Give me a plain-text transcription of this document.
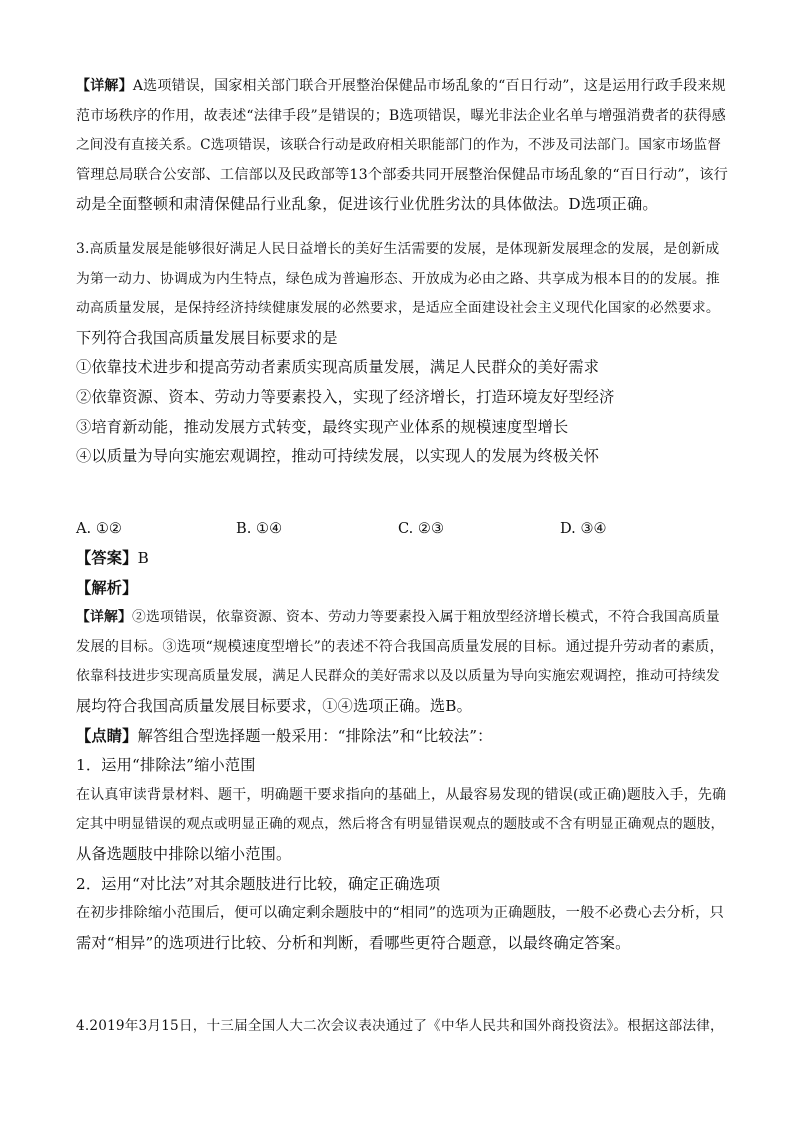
【详解】A选项错误，国家相关部门联合开展整治保健品市场乱象的“百日行动”，这是运用行政手段来规
范市场秩序的作用，故表述“法律手段”是错误的；B选项错误，曝光非法企业名单与增强消费者的获得感
之间没有直接关系。C选项错误，该联合行动是政府相关职能部门的作为，不涉及司法部门。国家市场监督
管理总局联合公安部、工信部以及民政部等13个部委共同开展整治保健品市场乱象的“百日行动”，该行
动是全面整顿和肃清保健品行业乱象，促进该行业优胜劣汰的具体做法。D选项正确。
3.高质量发展是能够很好满足人民日益增长的美好生活需要的发展，是体现新发展理念的发展，是创新成
为第一动力、协调成为内生特点，绿色成为普遍形态、开放成为必由之路、共享成为根本目的的发展。推
动高质量发展，是保持经济持续健康发展的必然要求，是适应全面建设社会主义现代化国家的必然要求。
下列符合我国高质量发展目标要求的是
①依靠技术进步和提高劳动者素质实现高质量发展，满足人民群众的美好需求
②依靠资源、资本、劳动力等要素投入，实现了经济增长，打造环境友好型经济
③培育新动能，推动发展方式转变，最终实现产业体系的规模速度型增长
④以质量为导向实施宏观调控，推动可持续发展，以实现人的发展为终极关怀
A. ①②	B. ①④	C. ②③	D. ③④
【答案】B
【解析】
【详解】②选项错误，依靠资源、资本、劳动力等要素投入属于粗放型经济增长模式，不符合我国高质量
发展的目标。③选项“规模速度型增长”的表述不符合我国高质量发展的目标。通过提升劳动者的素质，
依靠科技进步实现高质量发展，满足人民群众的美好需求以及以质量为导向实施宏观调控，推动可持续发
展均符合我国高质量发展目标要求，①④选项正确。选B。
【点睛】解答组合型选择题一般采用：“排除法”和“比较法”：
1．运用“排除法”缩小范围
在认真审读背景材料、题干，明确题干要求指向的基础上，从最容易发现的错误(或正确)题肢入手，先确
定其中明显错误的观点或明显正确的观点，然后将含有明显错误观点的题肢或不含有明显正确观点的题肢，
从备选题肢中排除以缩小范围。
2．运用“对比法”对其余题肢进行比较，确定正确选项
在初步排除缩小范围后，便可以确定剩余题肢中的“相同”的选项为正确题肢，一般不必费心去分析，只
需对“相异”的选项进行比较、分析和判断，看哪些更符合题意，以最终确定答案。
4.2019年3月15日，十三届全国人大二次会议表决通过了《中华人民共和国外商投资法》。根据这部法律，
